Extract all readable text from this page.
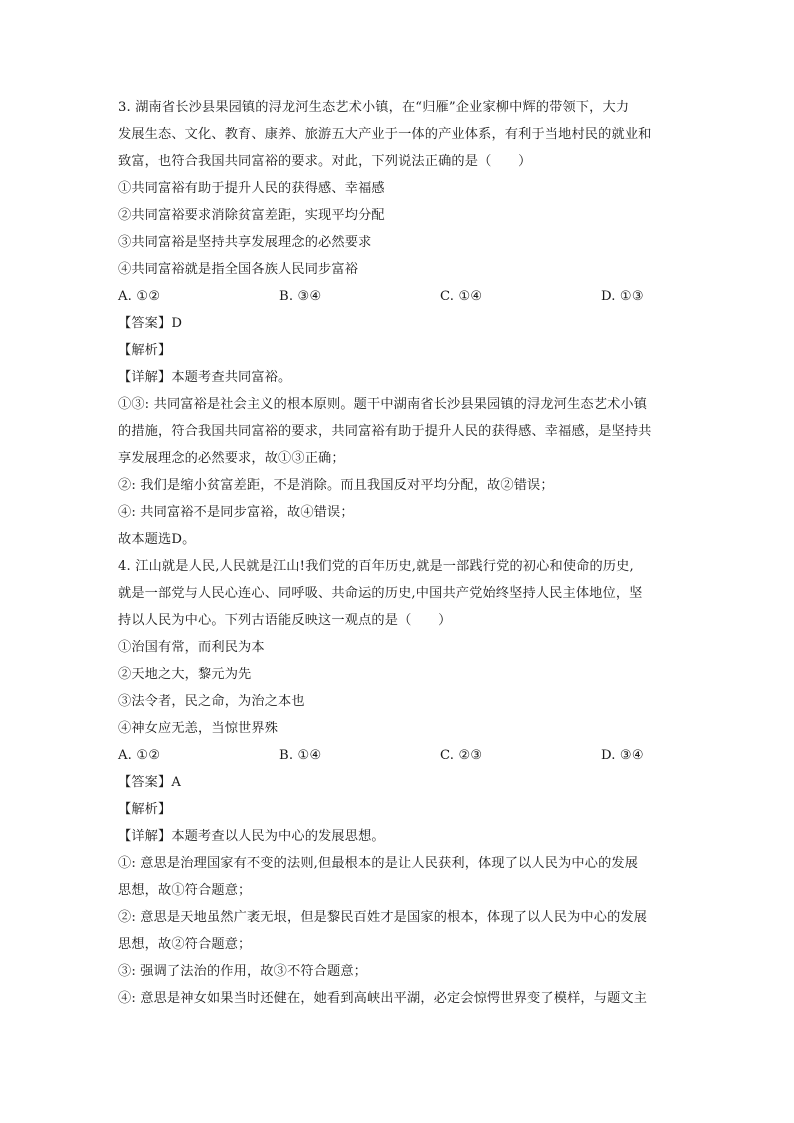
3. 湖南省长沙县果园镇的浔龙河生态艺术小镇，在“归雁”企业家柳中辉的带领下，大力
发展生态、文化、教育、康养、旅游五大产业于一体的产业体系，有利于当地村民的就业和
致富，也符合我国共同富裕的要求。对此，下列说法正确的是（　　）
①共同富裕有助于提升人民的获得感、幸福感
②共同富裕要求消除贫富差距，实现平均分配
③共同富裕是坚持共享发展理念的必然要求
④共同富裕就是指全国各族人民同步富裕
A. ①②	B. ③④	C. ①④	D. ①③
【答案】D
【解析】
【详解】本题考查共同富裕。
①③: 共同富裕是社会主义的根本原则。题干中湖南省长沙县果园镇的浔龙河生态艺术小镇
的措施，符合我国共同富裕的要求，共同富裕有助于提升人民的获得感、幸福感，是坚持共
享发展理念的必然要求，故①③正确；
②: 我们是缩小贫富差距，不是消除。而且我国反对平均分配，故②错误；
④: 共同富裕不是同步富裕，故④错误；
故本题选D。
4. 江山就是人民,人民就是江山!我们党的百年历史,就是一部践行党的初心和使命的历史,
就是一部党与人民心连心、同呼吸、共命运的历史,中国共产党始终坚持人民主体地位，坚
持以人民为中心。下列古语能反映这一观点的是（　　）
①治国有常，而利民为本
②天地之大，黎元为先
③法令者，民之命，为治之本也
④神女应无恙，当惊世界殊
A. ①②	B. ①④	C. ②③	D. ③④
【答案】A
【解析】
【详解】本题考查以人民为中心的发展思想。
①: 意思是治理国家有不变的法则,但最根本的是让人民获利，体现了以人民为中心的发展
思想，故①符合题意；
②: 意思是天地虽然广袤无垠，但是黎民百姓才是国家的根本，体现了以人民为中心的发展
思想，故②符合题意；
③: 强调了法治的作用，故③不符合题意；
④: 意思是神女如果当时还健在，她看到高峡出平湖，必定会惊愕世界变了模样，与题文主
